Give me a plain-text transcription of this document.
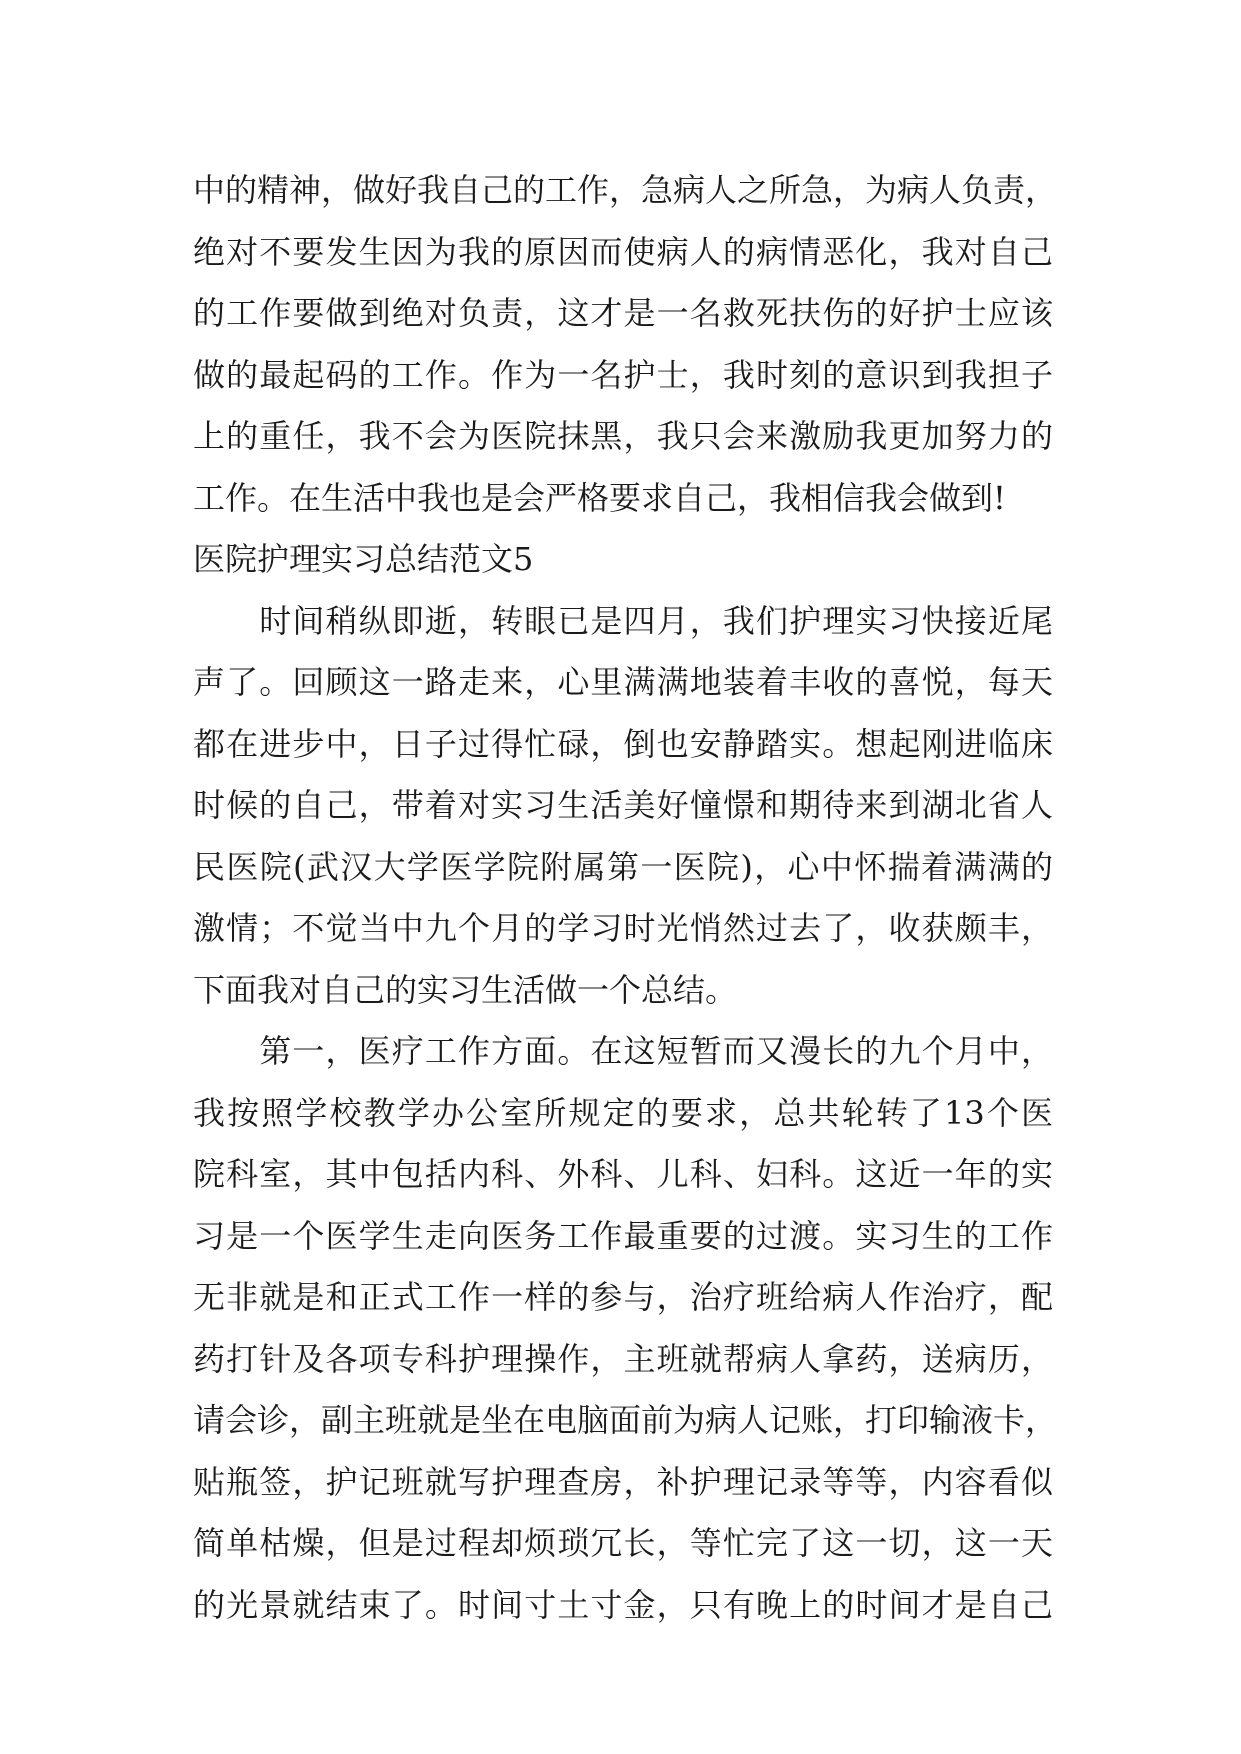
中的精神，做好我自己的工作，急病人之所急，为病人负责，
绝对不要发生因为我的原因而使病人的病情恶化，我对自己
的工作要做到绝对负责，这才是一名救死扶伤的好护士应该
做的最起码的工作。作为一名护士，我时刻的意识到我担子
上的重任，我不会为医院抹黑，我只会来激励我更加努力的
工作。在生活中我也是会严格要求自己，我相信我会做到!
医院护理实习总结范文5
　　时间稍纵即逝，转眼已是四月，我们护理实习快接近尾
声了。回顾这一路走来，心里满满地装着丰收的喜悦，每天
都在进步中，日子过得忙碌，倒也安静踏实。想起刚进临床
时候的自己，带着对实习生活美好憧憬和期待来到湖北省人
民医院(武汉大学医学院附属第一医院)，心中怀揣着满满的
激情；不觉当中九个月的学习时光悄然过去了，收获颇丰，
下面我对自己的实习生活做一个总结。
　　第一，医疗工作方面。在这短暂而又漫长的九个月中，
我按照学校教学办公室所规定的要求，总共轮转了13个医
院科室，其中包括内科、外科、儿科、妇科。这近一年的实
习是一个医学生走向医务工作最重要的过渡。实习生的工作
无非就是和正式工作一样的参与，治疗班给病人作治疗，配
药打针及各项专科护理操作，主班就帮病人拿药，送病历，
请会诊，副主班就是坐在电脑面前为病人记账，打印输液卡，
贴瓶签，护记班就写护理查房，补护理记录等等，内容看似
简单枯燥，但是过程却烦琐冗长，等忙完了这一切，这一天
的光景就结束了。时间寸土寸金，只有晚上的时间才是自己
